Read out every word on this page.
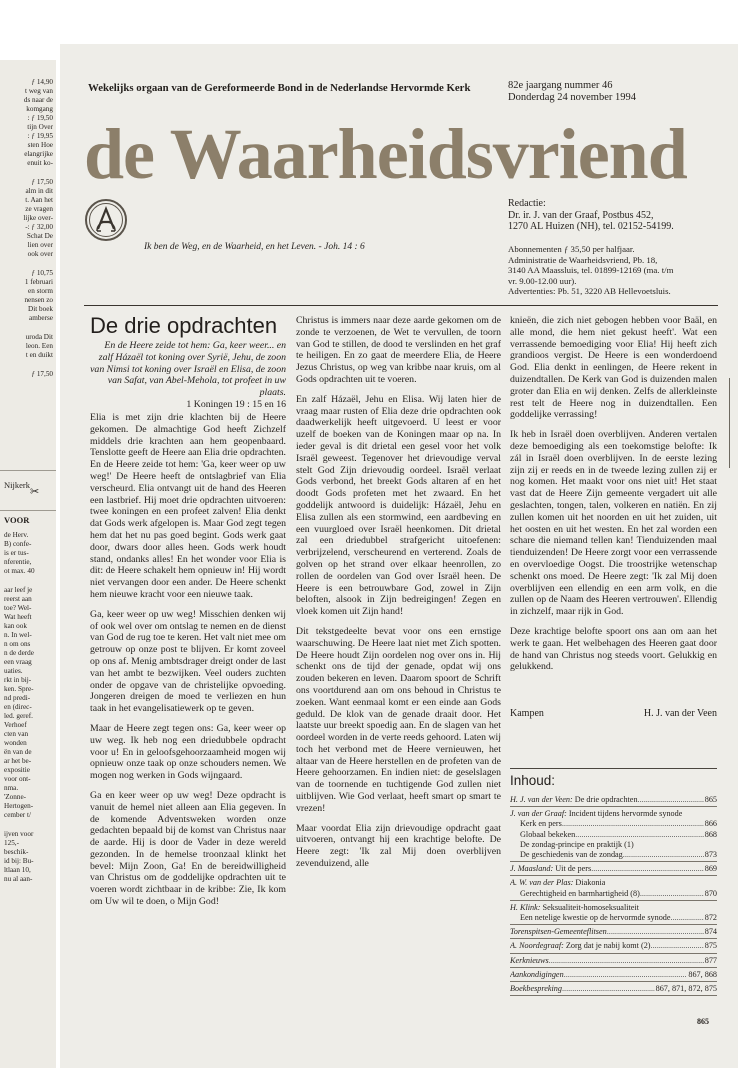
ƒ 14,90
t weg van
ds naar de
komgang
: ƒ 19,50
tijn Over
: ƒ 19,95
sten Hoe
elangrijke
enuit ko-
ƒ 17,50
alm in dit
t. Aan het
ze vragen
lijke over-
-: ƒ 32,00
Schat De
lien over
ook over
ƒ 10,75
1 februari
en storm
nensen zo
Dit boek
amberse
uroda Dit
leon. Een
t en duikt
ƒ 17,50
Nijkerk
VOOR
de Herv.
B) confe-
is er tus-
nferentie,
ot max. 40
aar leef je
reerst aan
toe? Wel-
Wat heeft
kan ook
n. In wel-
n om ons
n de derde
een vraag
uaties.
rkt in bij-
ken. Spre-
nd predi-
en (direc-
led. geref.
Verhoef
cten van
wonden
ën van de
ar het be-
expositie
voor ont-
nma.
'Zonne-
Hertogen-
cember t/
ijven voor
125,-
beschik-
id bij: Bu-
ltlaan 10,
nu al aan-
✂
Wekelijks orgaan van de Gereformeerde Bond in de Nederlandse Hervormde Kerk	82e jaargang nummer 46
Donderdag 24 november 1994
de Waarheidsvriend
Ik ben de Weg, en de Waarheid, en het Leven. - Joh. 14 : 6
Redactie:
Dr. ir. J. van der Graaf, Postbus 452,
1270 AL Huizen (NH), tel. 02152-54199.
Abonnementen ƒ 35,50 per halfjaar.
Administratie de Waarheidsvriend, Pb. 18,
3140 AA Maassluis, tel. 01899-12169 (ma. t/m
vr. 9.00-12.00 uur).
Advertenties: Pb. 51, 3220 AB Hellevoetsluis.
De drie opdrachten
En de Heere zeide tot hem: Ga, keer weer... en zalf Házaël tot koning over Syrië, Jehu, de zoon van Nimsi tot koning over Israël en Elisa, de zoon van Safat, van Abel-Mehola, tot profeet in uw plaats.
1 Koningen 19 : 15 en 16

Elia is met zijn drie klachten bij de Heere gekomen. De almachtige God heeft Zichzelf middels drie krachten aan hem geopenbaard. Tenslotte geeft de Heere aan Elia drie opdrachten. En de Heere zeide tot hem: 'Ga, keer weer op uw weg!' De Heere heeft de ontslagbrief van Elia verscheurd. Elia ontvangt uit de hand des Heeren een lastbrief. Hij moet drie opdrachten uitvoeren: twee koningen en een profeet zalven! Elia denkt dat Gods werk afgelopen is. Maar God zegt tegen hem dat het nu pas goed begint. Gods werk gaat door, dwars door alles heen. Gods werk houdt stand, ondanks alles! En het wonder voor Elia is dit: de Heere schakelt hem opnieuw in! Hij wordt niet vervangen door een ander. De Heere schenkt hem nieuwe kracht voor een nieuwe taak.

Ga, keer weer op uw weg! Misschien denken wij of ook wel over om ontslag te nemen en de dienst van God de rug toe te keren. Het valt niet mee om getrouw op onze post te blijven. Er komt zoveel op ons af. Menig ambtsdrager dreigt onder de last van het ambt te bezwijken. Veel ouders zuchten onder de opgave van de christelijke opvoeding. Jongeren dreigen de moed te verliezen en hun taak in het evangelisatiewerk op te geven.

Maar de Heere zegt tegen ons: Ga, keer weer op uw weg. Ik heb nog een driedubbele opdracht voor u! En in geloofsgehoorzaamheid mogen wij opnieuw onze taak op onze schouders nemen. We mogen nog werken in Gods wijngaard.

Ga en keer weer op uw weg! Deze opdracht is vanuit de hemel niet alleen aan Elia gegeven. In de komende Adventsweken worden onze gedachten bepaald bij de komst van Christus naar de aarde. Hij is door de Vader in deze wereld gezonden. In de hemelse troonzaal klinkt het bevel: Mijn Zoon, Ga! En de bereidwilligheid van Christus om de goddelijke opdrachten uit te voeren wordt zichtbaar in de kribbe: Zie, Ik kom om Uw wil te doen, o Mijn God!

Christus is immers naar deze aarde gekomen om de zonde te verzoenen, de Wet te vervullen, de toorn van God te stillen, de dood te verslinden en het graf te heiligen. En zo gaat de meerdere Elia, de Heere Jezus Christus, op weg van kribbe naar kruis, om al Gods opdrachten uit te voeren.

En zalf Házaël, Jehu en Elisa. Wij laten hier de vraag maar rusten of Elia deze drie opdrachten ook daadwerkelijk heeft uitgevoerd. U leest er voor uzelf de boeken van de Koningen maar op na. In ieder geval is dit drietal een gesel voor het volk Israël geweest. Tegenover het drievoudige verval stelt God Zijn drievoudig oordeel. Israël verlaat Gods verbond, het breekt Gods altaren af en het doodt Gods profeten met het zwaard. En het goddelijk antwoord is duidelijk: Házaël, Jehu en Elisa zullen als een stormwind, een aardbeving en een vuurgloed over Israël heenkomen. Dit drietal zal een driedubbel strafgericht uitoefenen: verbrijzelend, verscheurend en verterend. Zoals de golven op het strand over elkaar heenrollen, zo rollen de oordelen van God over Israël heen. De Heere is een betrouwbare God, zowel in Zijn beloften, alsook in Zijn bedreigingen! Zegen en vloek komen uit Zijn hand!

Dit tekstgedeelte bevat voor ons een ernstige waarschuwing. De Heere laat niet met Zich spotten. De Heere houdt Zijn oordelen nog over ons in. Hij schenkt ons de tijd der genade, opdat wij ons zouden bekeren en leven. Daarom spoort de Schrift ons voortdurend aan om ons behoud in Christus te zoeken. Want eenmaal komt er een einde aan Gods geduld. De klok van de genade draait door. Het laatste uur breekt spoedig aan. En de slagen van het oordeel worden in de verte reeds gehoord. Laten wij toch het verbond met de Heere vernieuwen, het altaar van de Heere herstellen en de profeten van de Heere gehoorzamen. En indien niet: de geselslagen van de toornende en tuchtigende God zullen niet uitblijven. Wie God verlaat, heeft smart op smart te vrezen!

Maar voordat Elia zijn drievoudige opdracht gaat uitvoeren, ontvangt hij een krachtige belofte. De Heere zegt: 'Ik zal Mij doen overblijven zevenduizend, alle

knieën, die zich niet gebogen hebben voor Baäl, en alle mond, die hem niet gekust heeft'. Wat een verrassende bemoediging voor Elia! Hij heeft zich grandioos vergist. De Heere is een wonderdoend God. Elia denkt in eenlingen, de Heere rekent in duizendtallen. De Kerk van God is duizenden malen groter dan Elia en wij denken. Zelfs de allerkleinste rest telt de Heere nog in duizendtallen. Een goddelijke verrassing!

Ik heb in Israël doen overblijven. Anderen vertalen deze bemoediging als een toekomstige belofte: Ik zál in Israël doen overblijven. In de eerste lezing zijn zij er reeds en in de tweede lezing zullen zij er nog komen. Het maakt voor ons niet uit! Het staat vast dat de Heere Zijn gemeente vergadert uit alle geslachten, tongen, talen, volkeren en natiën. En zij zullen komen uit het noorden en uit het zuiden, uit het oosten en uit het westen. En het zal worden een schare die niemand tellen kan! Tienduizenden maal tienduizenden! De Heere zorgt voor een verrassende en overvloedige Oogst. Die troostrijke wetenschap schenkt ons moed. De Heere zegt: 'Ik zal Mij doen overblijven een ellendig en een arm volk, en die zullen op de Naam des Heeren vertrouwen'. Ellendig in zichzelf, maar rijk in God.

Deze krachtige belofte spoort ons aan om aan het werk te gaan. Het welbehagen des Heeren gaat door de hand van Christus nog steeds voort. Gelukkig en gelukkend.

Kampen	H. J. van der Veen
Inhoud:
H. J. van der Veen: De drie opdrachten .....	865
J. van der Graaf: Incident tijdens hervormde synode
Kerk en pers .....	866
Globaal bekeken .....	868
De zondag-principe en praktijk (1)
De geschiedenis van de zondag .....	873
J. Maasland: Uit de pers .....	869
A. W. van der Plas: Diakonia
Gerechtigheid en barmhartigheid (8) .....	870
H. Klink: Seksualiteit-homoseksualiteit
Een netelige kwestie op de hervormde synode .....	872
Torenspitsen-Gemeenteflitsen .....	874
A. Noordegraaf: Zorg dat je nabij komt (2) .....	875
Kerknieuws .....	877
Aankondigingen .....	867, 868
Boekbespreking .....	867, 871, 872, 875
865
